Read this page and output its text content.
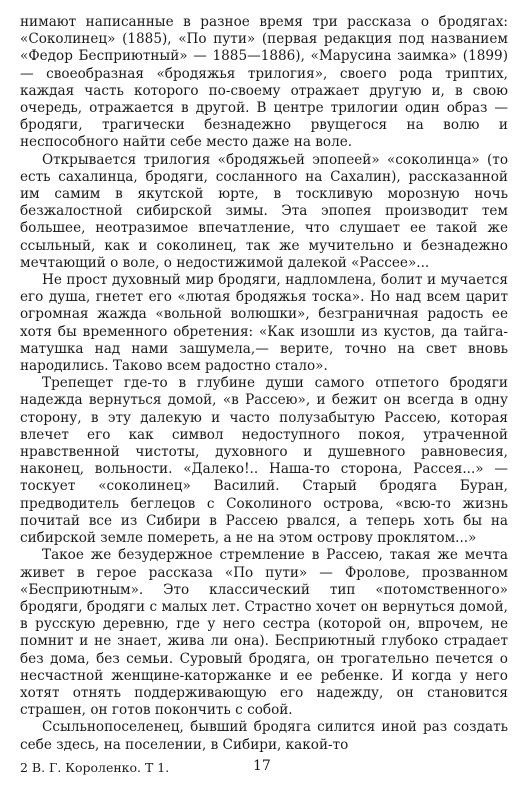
нимают написанные в разное время три рассказа о бродягах: «Соколинец» (1885), «По пути» (первая редакция под названием «Федор Бесприютный» — 1885—1886), «Марусина заимка» (1899) — своеобразная «бродяжья трилогия», своего рода триптих, каждая часть которого по-своему отражает другую и, в свою очередь, отражается в другой. В центре трилогии один образ — бродяги, трагически безнадежно рвущегося на волю и неспособного найти себе место даже на воле.

Открывается трилогия «бродяжьей эпопеей» «соколинца» (то есть сахалинца, бродяги, сосланного на Сахалин), рассказанной им самим в якутской юрте, в тоскливую морозную ночь безжалостной сибирской зимы. Эта эпопея производит тем большее, неотразимое впечатление, что слушает ее такой же ссыльный, как и соколинец, так же мучительно и безнадежно мечтающий о воле, о недостижимой далекой «Рассее»...

Не прост духовный мир бродяги, надломлена, болит и мучается его душа, гнетет его «лютая бродяжья тоска». Но над всем царит огромная жажда «вольной волюшки», безграничная радость ее хотя бы временного обретения: «Как изошли из кустов, да тайга-матушка над нами зашумела,— верите, точно на свет вновь народились. Таково всем радостно стало».

Трепещет где-то в глубине души самого отпетого бродяги надежда вернуться домой, «в Рассею», и бежит он всегда в одну сторону, в эту далекую и часто полузабытую Рассею, которая влечет его как символ недоступного покоя, утраченной нравственной чистоты, духовного и душевного равновесия, наконец, вольности. «Далеко!.. Наша-то сторона, Рассея...» — тоскует «соколинец» Василий. Старый бродяга Буран, предводитель беглецов с Соколиного острова, «всю-то жизнь почитай все из Сибири в Рассею рвался, а теперь хоть бы на сибирской земле помереть, а не на этом острову проклятом...»

Такое же безудержное стремление в Рассею, такая же мечта живет в герое рассказа «По пути» — Фролове, прозванном «Бесприютным». Это классический тип «потомственного» бродяги, бродяги с малых лет. Страстно хочет он вернуться домой, в русскую деревню, где у него сестра (которой он, впрочем, не помнит и не знает, жива ли она). Бесприютный глубоко страдает без дома, без семьи. Суровый бродяга, он трогательно печется о несчастной женщине-каторжанке и ее ребенке. И когда у него хотят отнять поддерживающую его надежду, он становится страшен, он готов покончить с собой.

Ссыльнопоселенец, бывший бродяга силится иной раз создать себе здесь, на поселении, в Сибири, какой-то

2 В. Г. Короленко. Т 1.	17
